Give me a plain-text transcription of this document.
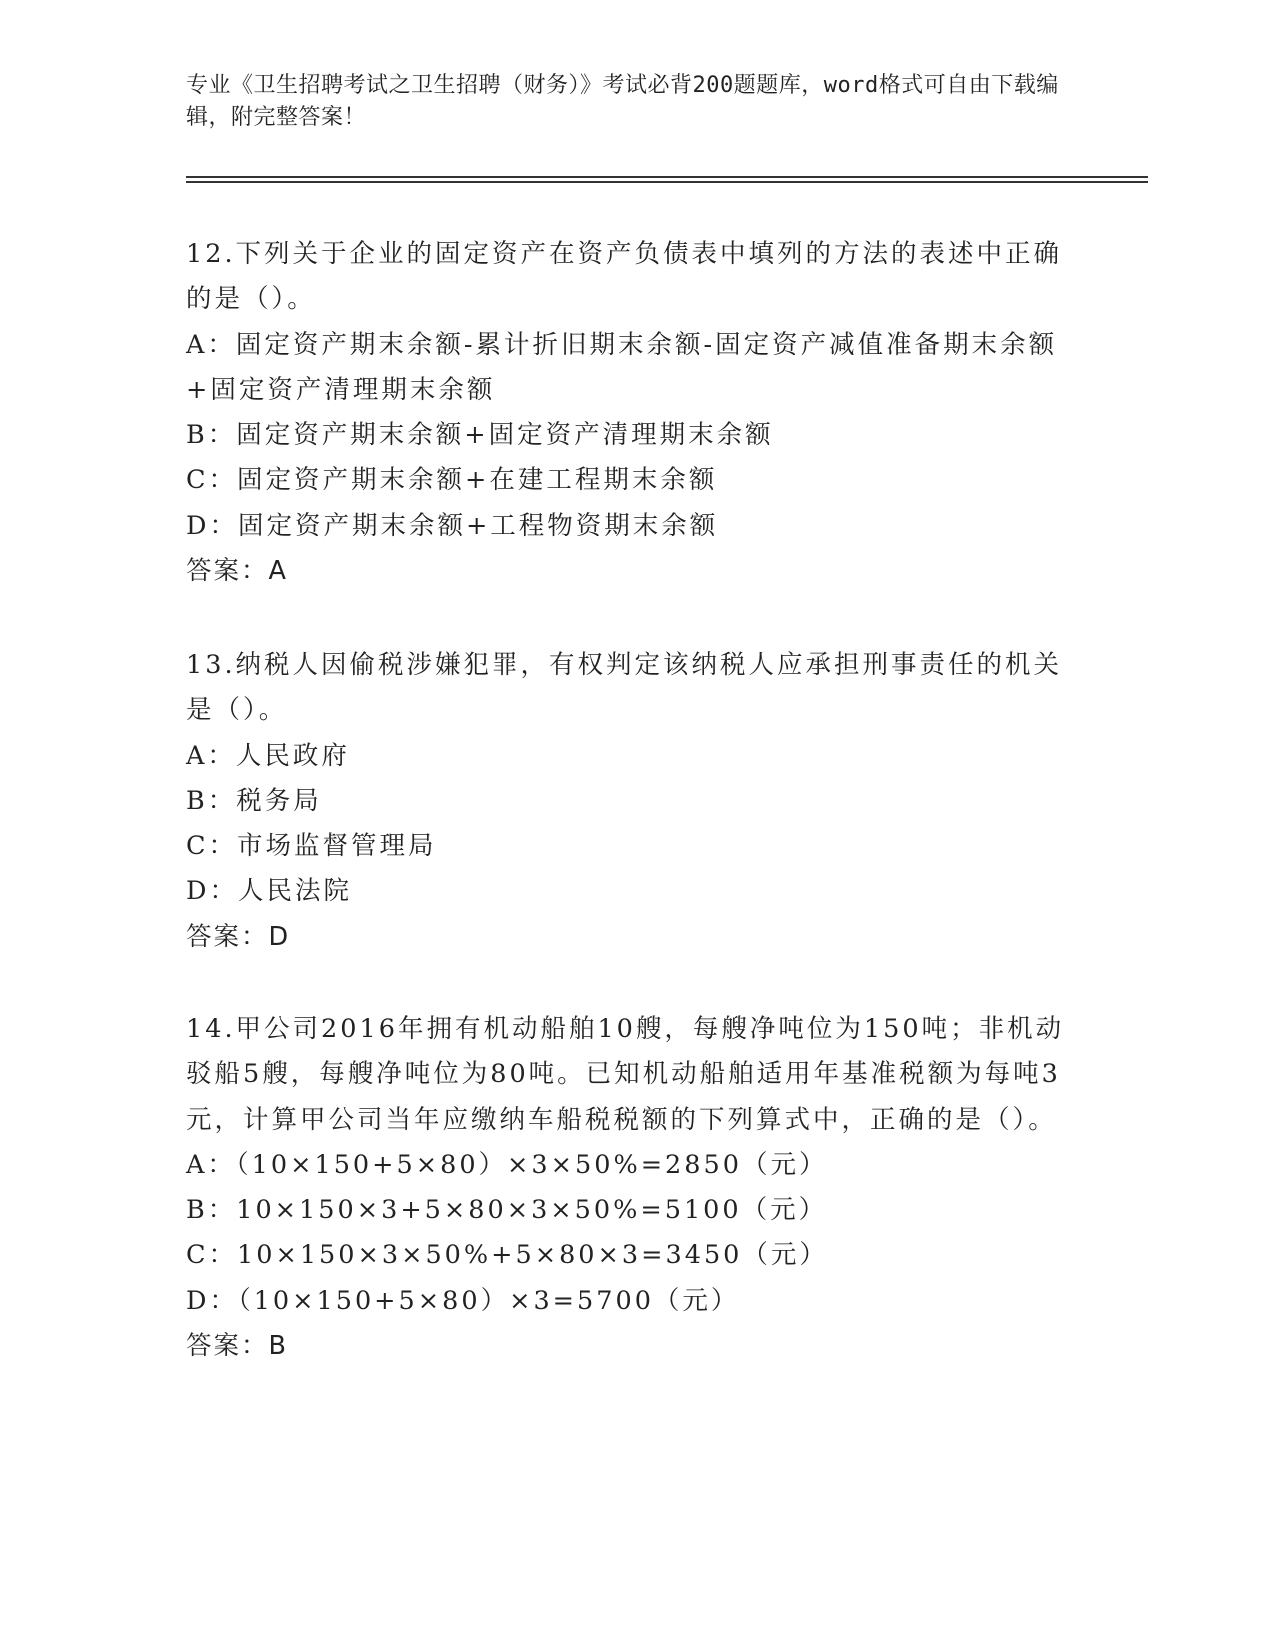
专业《卫生招聘考试之卫生招聘（财务）》考试必背200题题库，word格式可自由下载编辑，附完整答案！

12.下列关于企业的固定资产在资产负债表中填列的方法的表述中正确的是（）。

A：固定资产期末余额-累计折旧期末余额-固定资产减值准备期末余额+固定资产清理期末余额

B：固定资产期末余额+固定资产清理期末余额

C：固定资产期末余额+在建工程期末余额

D：固定资产期末余额+工程物资期末余额

答案：A

13.纳税人因偷税涉嫌犯罪，有权判定该纳税人应承担刑事责任的机关是（）。

A：人民政府

B：税务局

C：市场监督管理局

D：人民法院

答案：D

14.甲公司2016年拥有机动船舶10艘，每艘净吨位为150吨；非机动驳船5艘，每艘净吨位为80吨。已知机动船舶适用年基准税额为每吨3元，计算甲公司当年应缴纳车船税税额的下列算式中，正确的是（）。

A：（10×150+5×80）×3×50%=2850（元）

B：10×150×3+5×80×3×50%=5100（元）

C：10×150×3×50%+5×80×3=3450（元）

D：（10×150+5×80）×3=5700（元）

答案：B
